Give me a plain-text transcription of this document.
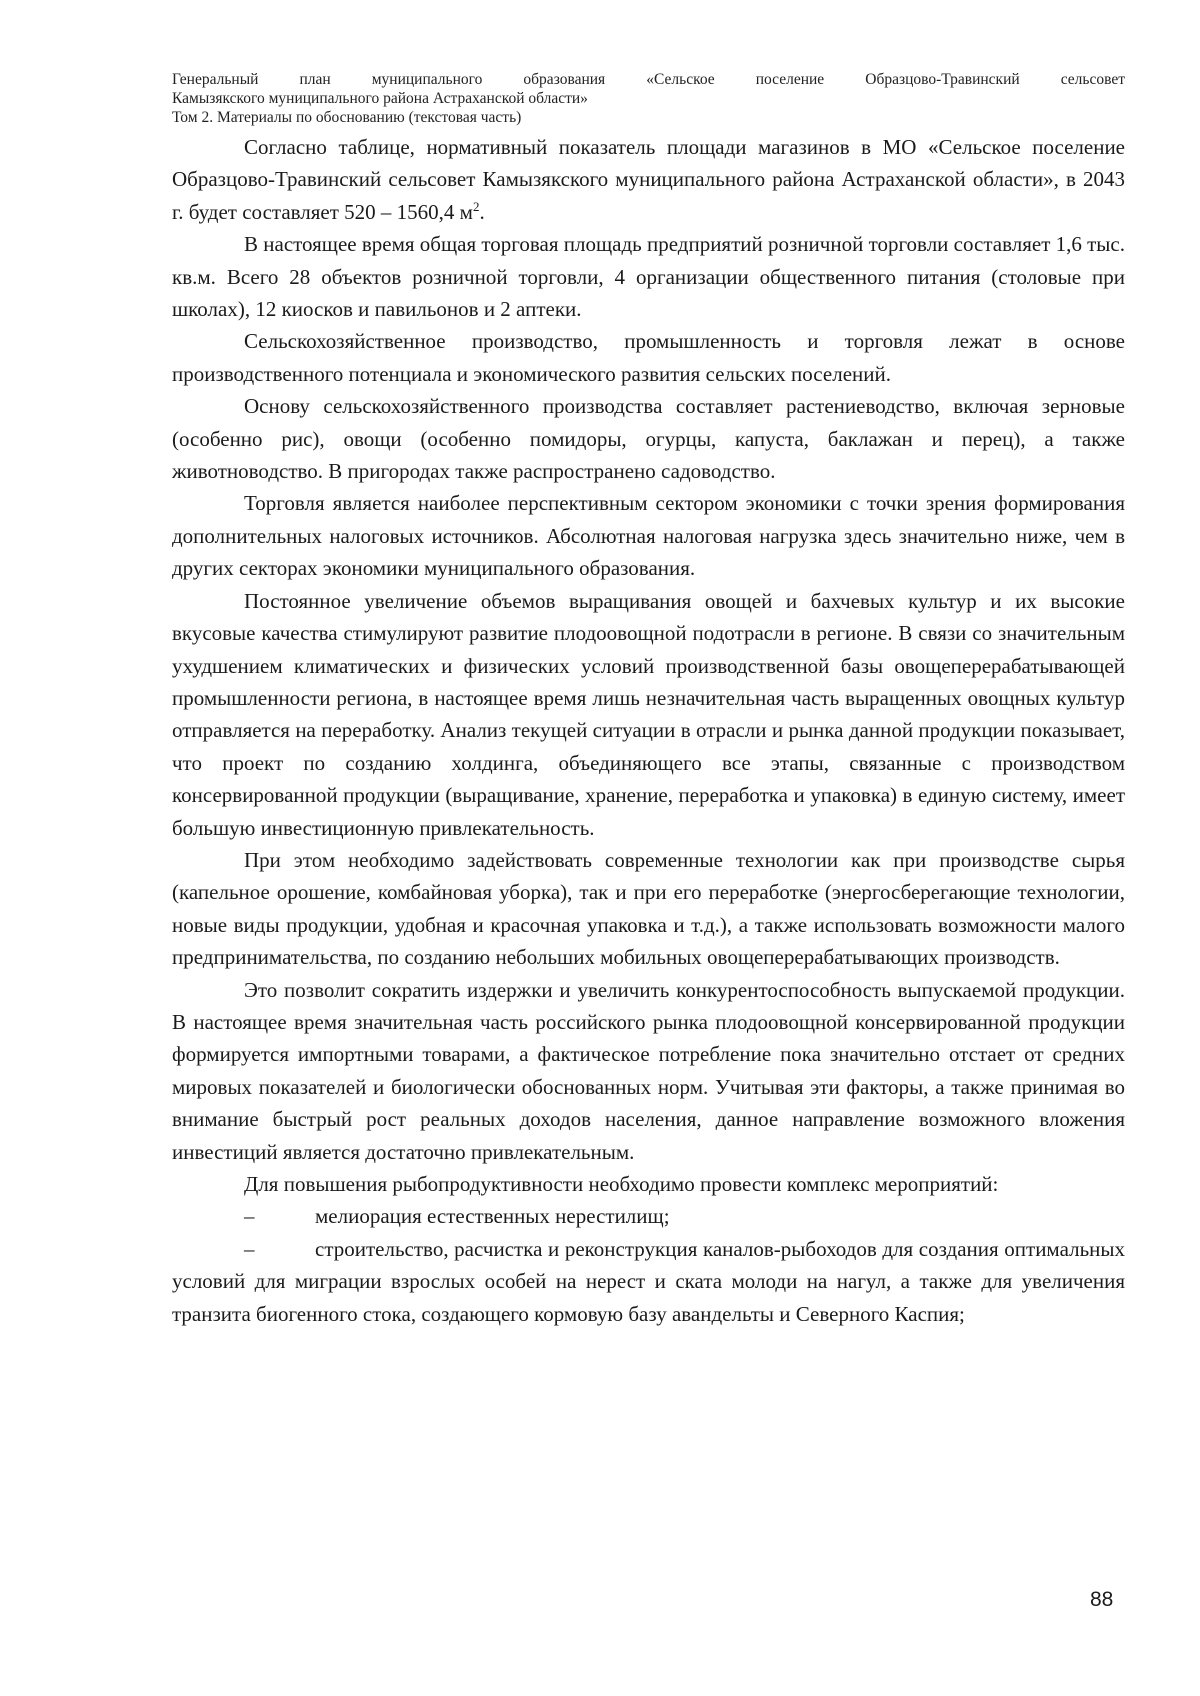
Генеральный план муниципального образования «Сельское поселение Образцово-Травинский сельсовет
Камызякского муниципального района Астраханской области»
Том 2. Материалы по обоснованию (текстовая часть)

Согласно таблице, нормативный показатель площади магазинов в МО «Сельское поселение Образцово-Травинский сельсовет Камызякского муниципального района Астраханской области», в 2043 г. будет составляет 520 – 1560,4 $м^2$.

В настоящее время общая торговая площадь предприятий розничной торговли составляет 1,6 тыс. кв.м. Всего 28 объектов розничной торговли, 4 организации общественного питания (столовые при школах), 12 киосков и павильонов и 2 аптеки.

Сельскохозяйственное производство, промышленность и торговля лежат в основе производственного потенциала и экономического развития сельских поселений.

Основу сельскохозяйственного производства составляет растениеводство, включая зерновые (особенно рис), овощи (особенно помидоры, огурцы, капуста, баклажан и перец), а также животноводство. В пригородах также распространено садоводство.

Торговля является наиболее перспективным сектором экономики с точки зрения формирования дополнительных налоговых источников. Абсолютная налоговая нагрузка здесь значительно ниже, чем в других секторах экономики муниципального образования.

Постоянное увеличение объемов выращивания овощей и бахчевых культур и их высокие вкусовые качества стимулируют развитие плодоовощной подотрасли в регионе. В связи со значительным ухудшением климатических и физических условий производственной базы овощеперерабатывающей промышленности региона, в настоящее время лишь незначительная часть выращенных овощных культур отправляется на переработку. Анализ текущей ситуации в отрасли и рынка данной продукции показывает, что проект по созданию холдинга, объединяющего все этапы, связанные с производством консервированной продукции (выращивание, хранение, переработка и упаковка) в единую систему, имеет большую инвестиционную привлекательность.

При этом необходимо задействовать современные технологии как при производстве сырья (капельное орошение, комбайновая уборка), так и при его переработке (энергосберегающие технологии, новые виды продукции, удобная и красочная упаковка и т.д.), а также использовать возможности малого предпринимательства, по созданию небольших мобильных овощеперерабатывающих производств.

Это позволит сократить издержки и увеличить конкурентоспособность выпускаемой продукции. В настоящее время значительная часть российского рынка плодоовощной консервированной продукции формируется импортными товарами, а фактическое потребление пока значительно отстает от средних мировых показателей и биологически обоснованных норм. Учитывая эти факторы, а также принимая во внимание быстрый рост реальных доходов населения, данное направление возможного вложения инвестиций является достаточно привлекательным.

Для повышения рыбопродуктивности необходимо провести комплекс мероприятий:

–	мелиорация естественных нерестилищ;

–	строительство, расчистка и реконструкция каналов-рыбоходов для создания оптимальных условий для миграции взрослых особей на нерест и ската молоди на нагул, а также для увеличения транзита биогенного стока, создающего кормовую базу авандельты и Северного Каспия;

88
